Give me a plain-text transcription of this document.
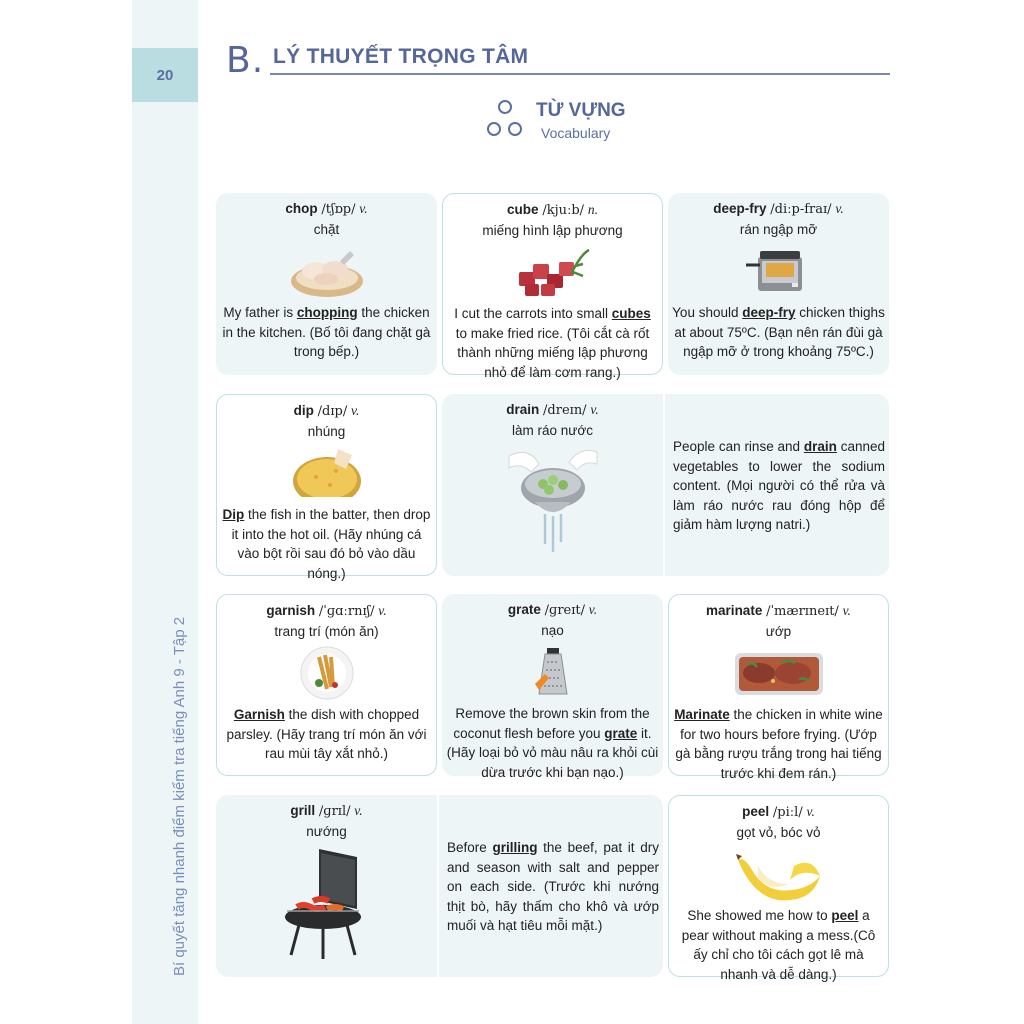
20
Bí quyết tăng nhanh điểm kiểm tra tiếng Anh 9 - Tập 2
B. LÝ THUYẾT TRỌNG TÂM
TỪ VỰNG
Vocabulary
chop /tʃɒp/ v.
chặt
My father is chopping the chicken in the kitchen. (Bố tôi đang chặt gà trong bếp.)
cube /kjuːb/ n.
miếng hình lập phương
I cut the carrots into small cubes to make fried rice. (Tôi cắt cà rốt thành những miếng lập phương nhỏ để làm cơm rang.)
deep-fry /diːp-fraɪ/ v.
rán ngập mỡ
You should deep-fry chicken thighs at about 75ºC. (Bạn nên rán đùi gà ngập mỡ ở trong khoảng 75ºC.)
dip /dɪp/ v.
nhúng
Dip the fish in the batter, then drop it into the hot oil. (Hãy nhúng cá vào bột rồi sau đó bỏ vào dầu nóng.)
drain /dreɪn/ v.
làm ráo nước
People can rinse and drain canned vegetables to lower the sodium content. (Mọi người có thể rửa và làm ráo nước rau đóng hộp để giảm hàm lượng natri.)
garnish /ˈɡɑːrnɪʃ/ v.
trang trí (món ăn)
Garnish the dish with chopped parsley. (Hãy trang trí món ăn với rau mùi tây xắt nhỏ.)
grate /ɡreɪt/ v.
nạo
Remove the brown skin from the coconut flesh before you grate it. (Hãy loại bỏ vỏ màu nâu ra khỏi cùi dừa trước khi bạn nạo.)
marinate /ˈmærɪneɪt/ v.
ướp
Marinate the chicken in white wine for two hours before frying. (Ướp gà bằng rượu trắng trong hai tiếng trước khi đem rán.)
grill /ɡrɪl/ v.
nướng
Before grilling the beef, pat it dry and season with salt and pepper on each side. (Trước khi nướng thịt bò, hãy thấm cho khô và ướp muối và hạt tiêu mỗi mặt.)
peel /piːl/ v.
gọt vỏ, bóc vỏ
She showed me how to peel a pear without making a mess.(Cô ấy chỉ cho tôi cách gọt lê mà nhanh và dễ dàng.)
